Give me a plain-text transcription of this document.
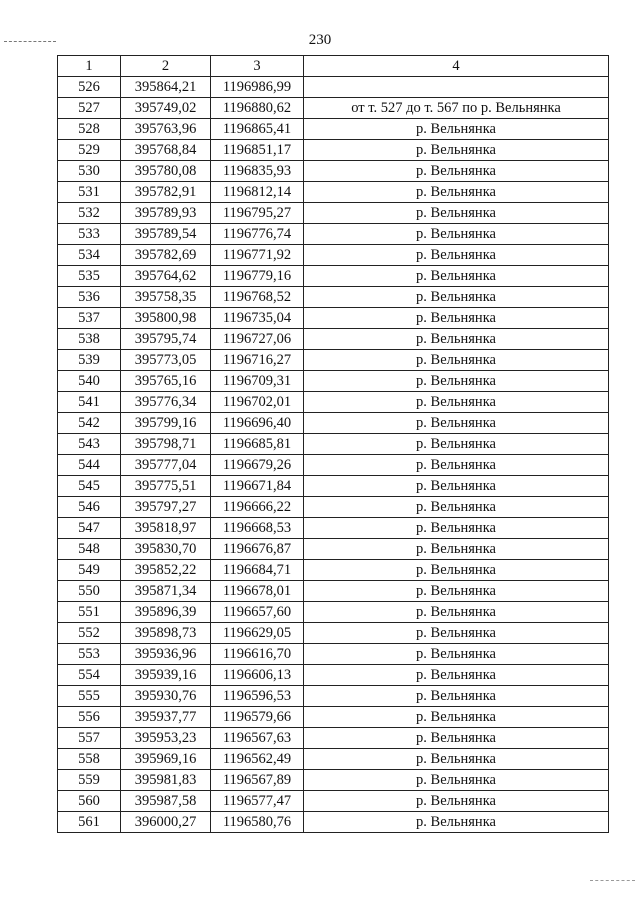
230
1	2	3	4
526	395864,21	1196986,99	
527	395749,02	1196880,62	от т. 527 до т. 567 по р. Вельнянка
528	395763,96	1196865,41	р. Вельнянка
529	395768,84	1196851,17	р. Вельнянка
530	395780,08	1196835,93	р. Вельнянка
531	395782,91	1196812,14	р. Вельнянка
532	395789,93	1196795,27	р. Вельнянка
533	395789,54	1196776,74	р. Вельнянка
534	395782,69	1196771,92	р. Вельнянка
535	395764,62	1196779,16	р. Вельнянка
536	395758,35	1196768,52	р. Вельнянка
537	395800,98	1196735,04	р. Вельнянка
538	395795,74	1196727,06	р. Вельнянка
539	395773,05	1196716,27	р. Вельнянка
540	395765,16	1196709,31	р. Вельнянка
541	395776,34	1196702,01	р. Вельнянка
542	395799,16	1196696,40	р. Вельнянка
543	395798,71	1196685,81	р. Вельнянка
544	395777,04	1196679,26	р. Вельнянка
545	395775,51	1196671,84	р. Вельнянка
546	395797,27	1196666,22	р. Вельнянка
547	395818,97	1196668,53	р. Вельнянка
548	395830,70	1196676,87	р. Вельнянка
549	395852,22	1196684,71	р. Вельнянка
550	395871,34	1196678,01	р. Вельнянка
551	395896,39	1196657,60	р. Вельнянка
552	395898,73	1196629,05	р. Вельнянка
553	395936,96	1196616,70	р. Вельнянка
554	395939,16	1196606,13	р. Вельнянка
555	395930,76	1196596,53	р. Вельнянка
556	395937,77	1196579,66	р. Вельнянка
557	395953,23	1196567,63	р. Вельнянка
558	395969,16	1196562,49	р. Вельнянка
559	395981,83	1196567,89	р. Вельнянка
560	395987,58	1196577,47	р. Вельнянка
561	396000,27	1196580,76	р. Вельнянка
